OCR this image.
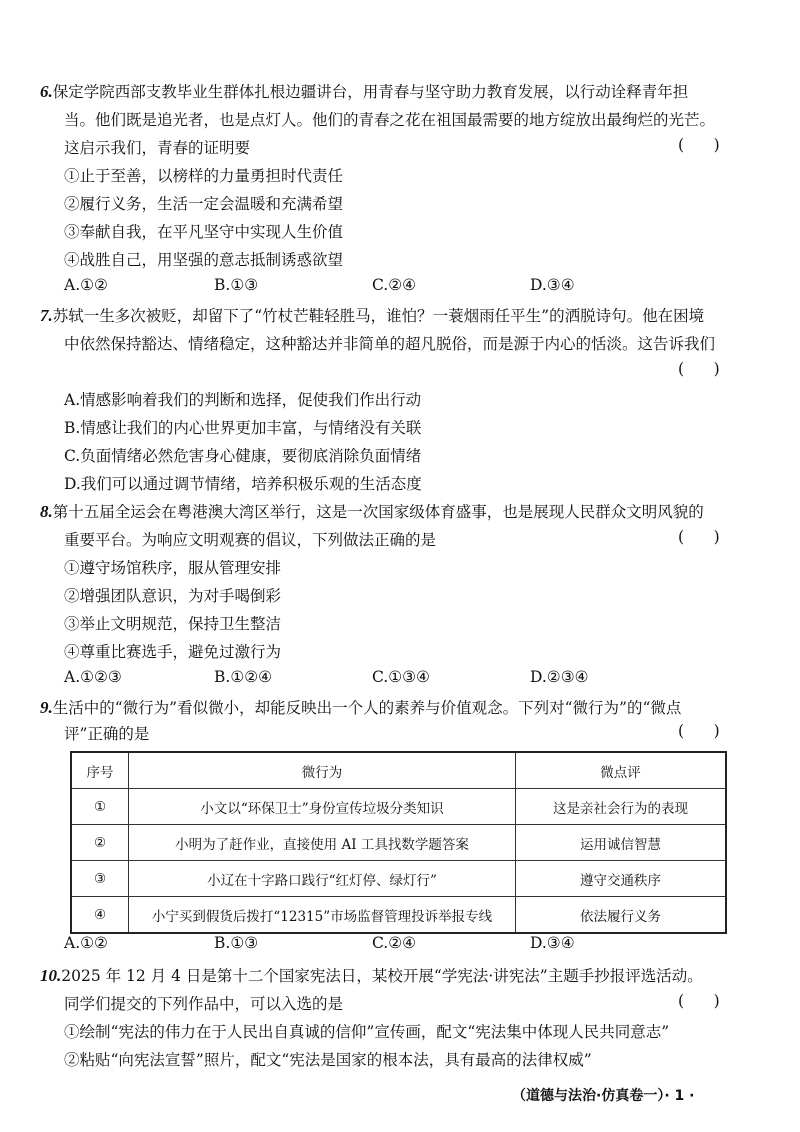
6.保定学院西部支教毕业生群体扎根边疆讲台，用青春与坚守助力教育发展，以行动诠释青年担
当。他们既是追光者，也是点灯人。他们的青春之花在祖国最需要的地方绽放出最绚烂的光芒。
这启示我们，青春的证明要	(      )
①止于至善，以榜样的力量勇担时代责任
②履行义务，生活一定会温暖和充满希望
③奉献自我，在平凡坚守中实现人生价值
④战胜自己，用坚强的意志抵制诱惑欲望
A.①②	B.①③	C.②④	D.③④
7.苏轼一生多次被贬，却留下了“竹杖芒鞋轻胜马，谁怕？一蓑烟雨任平生”的洒脱诗句。他在困境
中依然保持豁达、情绪稳定，这种豁达并非简单的超凡脱俗，而是源于内心的恬淡。这告诉我们
(      )
A.情感影响着我们的判断和选择，促使我们作出行动
B.情感让我们的内心世界更加丰富，与情绪没有关联
C.负面情绪必然危害身心健康，要彻底消除负面情绪
D.我们可以通过调节情绪，培养积极乐观的生活态度
8.第十五届全运会在粤港澳大湾区举行，这是一次国家级体育盛事，也是展现人民群众文明风貌的
重要平台。为响应文明观赛的倡议，下列做法正确的是	(      )
①遵守场馆秩序，服从管理安排
②增强团队意识，为对手喝倒彩
③举止文明规范，保持卫生整洁
④尊重比赛选手，避免过激行为
A.①②③	B.①②④	C.①③④	D.②③④
9.生活中的“微行为”看似微小，却能反映出一个人的素养与价值观念。下列对“微行为”的“微点
评”正确的是	(      )
序号	微行为	微点评
①	小文以“环保卫士”身份宣传垃圾分类知识	这是亲社会行为的表现
②	小明为了赶作业，直接使用 AI 工具找数学题答案	运用诚信智慧
③	小辽在十字路口践行“红灯停、绿灯行”	遵守交通秩序
④	小宁买到假货后拨打“12315”市场监督管理投诉举报专线	依法履行义务
A.①②	B.①③	C.②④	D.③④
10.2025 年 12 月 4 日是第十二个国家宪法日，某校开展“学宪法·讲宪法”主题手抄报评选活动。
同学们提交的下列作品中，可以入选的是	(      )
①绘制“宪法的伟力在于人民出自真诚的信仰”宣传画，配文“宪法集中体现人民共同意志”
②粘贴“向宪法宣誓”照片，配文“宪法是国家的根本法，具有最高的法律权威”
（道德与法治·仿真卷一）· 1 ·
